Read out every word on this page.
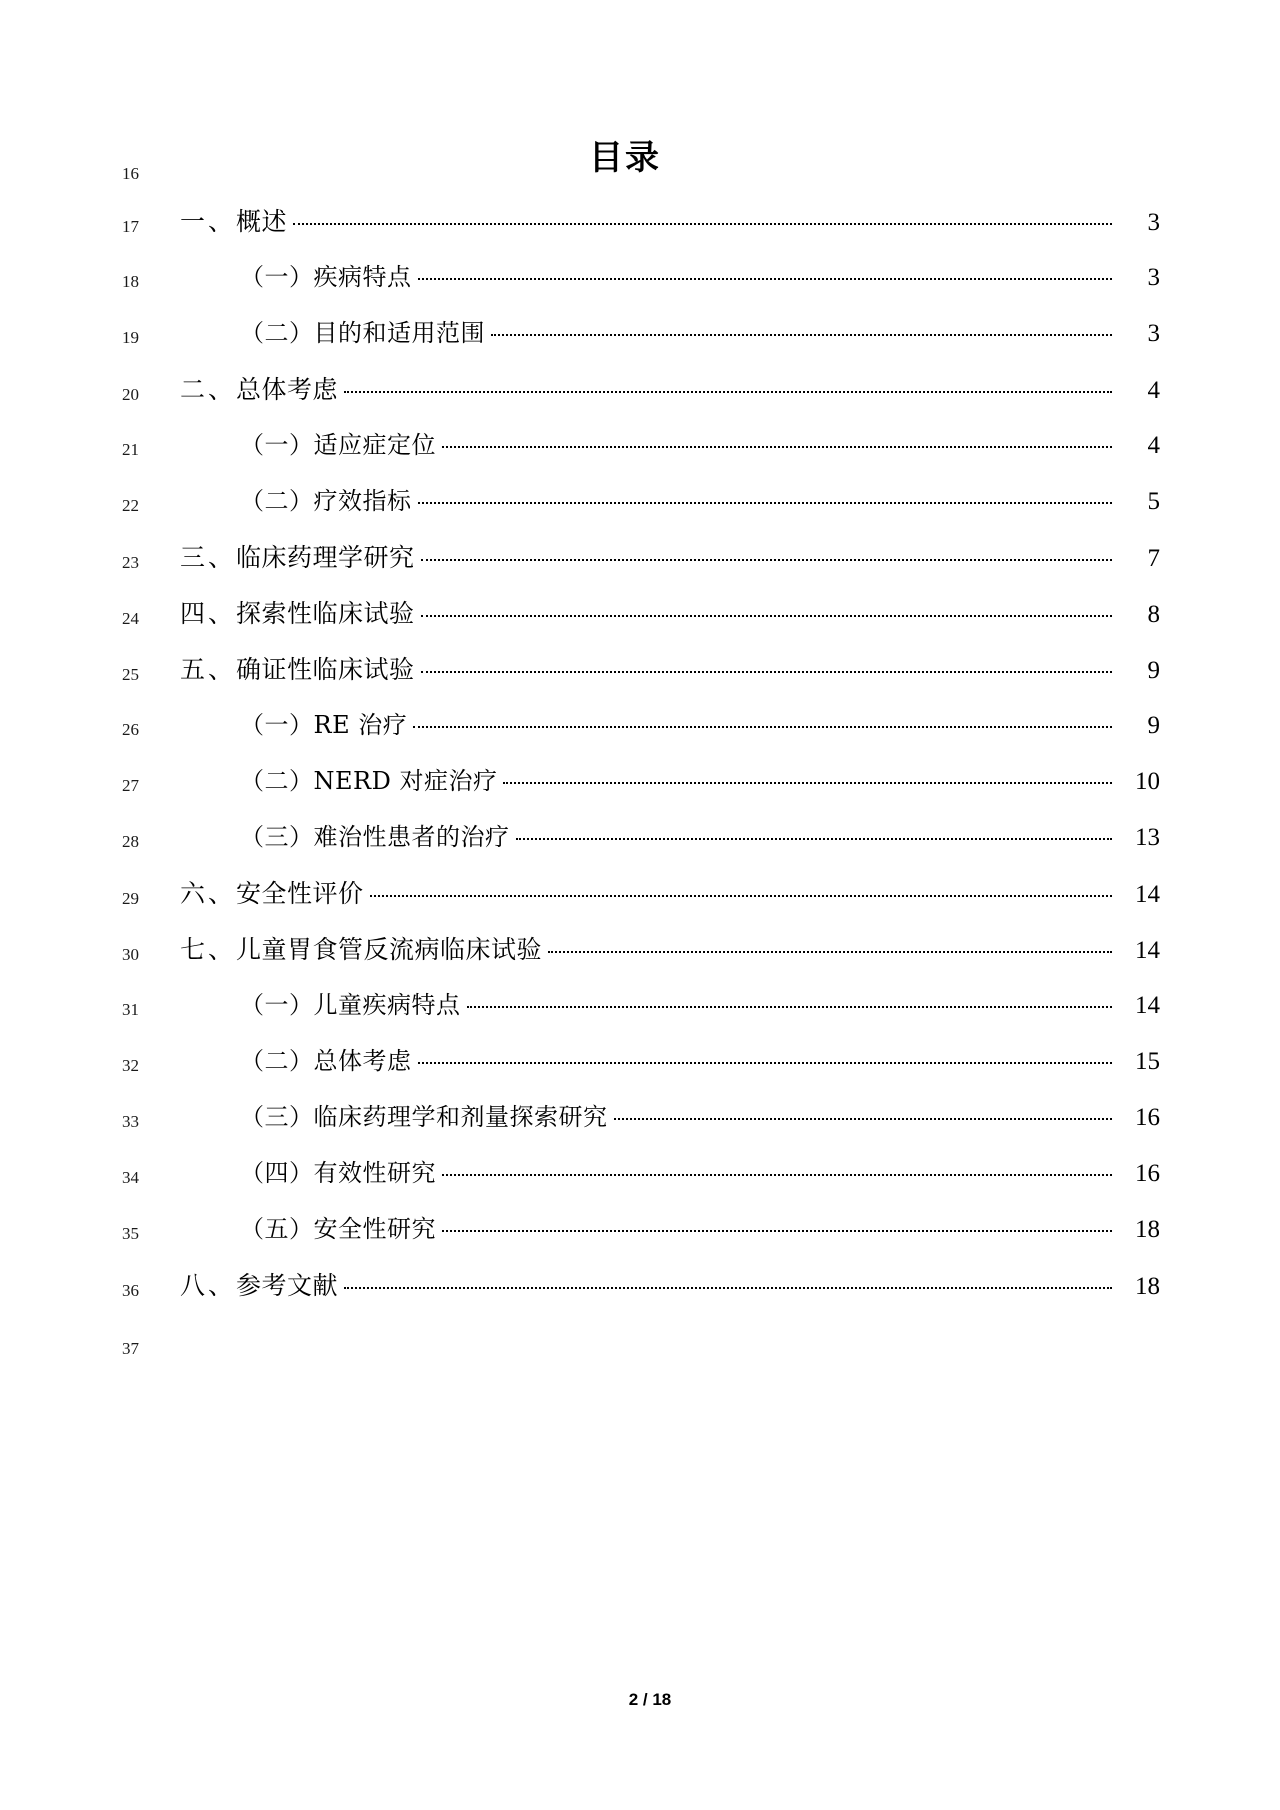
16	目录
17	一、概述	3
18	（一）疾病特点	3
19	（二）目的和适用范围	3
20	二、总体考虑	4
21	（一）适应症定位	4
22	（二）疗效指标	5
23	三、临床药理学研究	7
24	四、探索性临床试验	8
25	五、确证性临床试验	9
26	（一）RE 治疗	9
27	（二）NERD 对症治疗	10
28	（三）难治性患者的治疗	13
29	六、安全性评价	14
30	七、儿童胃食管反流病临床试验	14
31	（一）儿童疾病特点	14
32	（二）总体考虑	15
33	（三）临床药理学和剂量探索研究	16
34	（四）有效性研究	16
35	（五）安全性研究	18
36	八、参考文献	18
37
2 / 18
